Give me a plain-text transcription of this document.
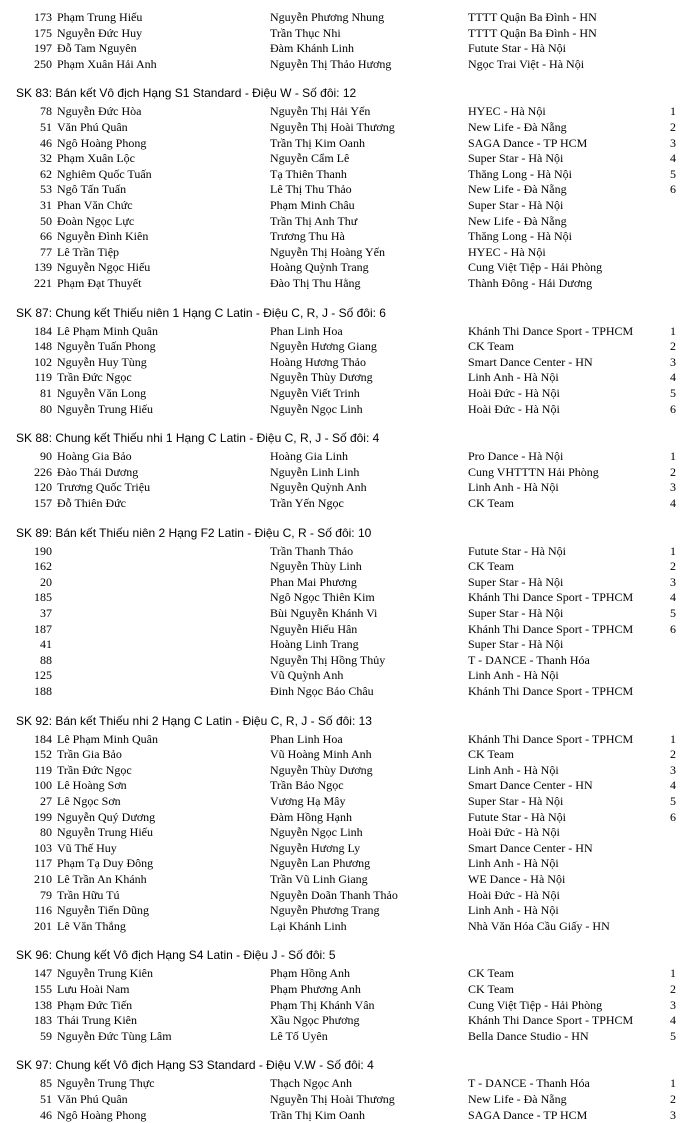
173 Phạm Trung Hiếu	Nguyễn Phương Nhung	TTTT Quận Ba Đình - HN
175 Nguyễn Đức Huy	Trần Thục Nhi	TTTT Quận Ba Đình - HN
197 Đỗ Tam Nguyên	Đàm Khánh Linh	Futute Star - Hà Nội
250 Phạm Xuân Hải Anh	Nguyễn Thị Thảo Hương	Ngọc Trai Việt - Hà Nội
SK 83: Bán kết Vô địch Hạng S1 Standard - Điệu W - Số đôi: 12
78 Nguyễn Đức Hòa	Nguyễn Thị Hải Yến	HYEC - Hà Nội	1
51 Văn Phú Quân	Nguyễn Thị Hoài Thương	New Life - Đà Nẵng	2
46 Ngô Hoàng Phong	Trần Thị Kim Oanh	SAGA Dance - TP HCM	3
32 Phạm Xuân Lộc	Nguyễn Cẩm Lê	Super Star - Hà Nội	4
62 Nghiêm Quốc Tuấn	Tạ Thiên Thanh	Thăng Long - Hà Nội	5
53 Ngô Tấn Tuấn	Lê Thị Thu Thảo	New Life - Đà Nẵng	6
31 Phan Văn Chức	Phạm Minh Châu	Super Star - Hà Nội
50 Đoàn Ngọc Lực	Trần Thị Anh Thư	New Life - Đà Nẵng
66 Nguyễn Đình Kiên	Trương Thu Hà	Thăng Long - Hà Nội
77 Lê Trần Tiệp	Nguyễn Thị Hoàng Yến	HYEC - Hà Nội
139 Nguyễn Ngọc Hiếu	Hoàng Quỳnh Trang	Cung Việt Tiệp - Hải Phòng
221 Phạm Đạt Thuyết	Đào Thị Thu Hằng	Thành Đông - Hải Dương
SK 87: Chung kết Thiếu niên 1 Hạng C Latin - Điệu C, R, J - Số đôi: 6
184 Lê Phạm Minh Quân	Phan Linh Hoa	Khánh Thi Dance Sport - TPHCM	1
148 Nguyễn Tuấn Phong	Nguyễn Hương Giang	CK Team	2
102 Nguyễn Huy Tùng	Hoàng Hương Thảo	Smart Dance Center - HN	3
119 Trần Đức Ngọc	Nguyễn Thùy Dương	Linh Anh - Hà Nội	4
81 Nguyễn Văn Long	Nguyễn Viết Trinh	Hoài Đức - Hà Nội	5
80 Nguyễn Trung Hiếu	Nguyễn Ngọc Linh	Hoài Đức - Hà Nội	6
SK 88: Chung kết Thiếu nhi 1 Hạng C Latin - Điệu C, R, J - Số đôi: 4
90 Hoàng Gia Bảo	Hoàng Gia Linh	Pro Dance - Hà Nội	1
226 Đào Thái Dương	Nguyễn Linh Linh	Cung VHTTTN Hải Phòng	2
120 Trương Quốc Triệu	Nguyễn Quỳnh Anh	Linh Anh - Hà Nội	3
157 Đỗ Thiên Đức	Trần Yến Ngọc	CK Team	4
SK 89: Bán kết Thiếu niên 2 Hạng F2 Latin - Điệu C, R - Số đôi: 10
190	Trần Thanh Thảo	Futute Star - Hà Nội	1
162	Nguyễn Thùy Linh	CK Team	2
20	Phan Mai Phương	Super Star - Hà Nội	3
185	Ngô Ngọc Thiên Kim	Khánh Thi Dance Sport - TPHCM	4
37	Bùi Nguyễn Khánh Vi	Super Star - Hà Nội	5
187	Nguyễn Hiếu Hân	Khánh Thi Dance Sport - TPHCM	6
41	Hoàng Linh Trang	Super Star - Hà Nội
88	Nguyễn Thị Hồng Thủy	T - DANCE - Thanh Hóa
125	Vũ Quỳnh Anh	Linh Anh - Hà Nội
188	Đinh Ngọc Bảo Châu	Khánh Thi Dance Sport - TPHCM
SK 92: Bán kết Thiếu nhi 2 Hạng C Latin - Điệu C, R, J - Số đôi: 13
184 Lê Phạm Minh Quân	Phan Linh Hoa	Khánh Thi Dance Sport - TPHCM	1
152 Trần Gia Bảo	Vũ Hoàng Minh Anh	CK Team	2
119 Trần Đức Ngọc	Nguyễn Thùy Dương	Linh Anh - Hà Nội	3
100 Lê Hoàng Sơn	Trần Bảo Ngọc	Smart Dance Center - HN	4
27 Lê Ngọc Sơn	Vương Hạ Mây	Super Star - Hà Nội	5
199 Nguyễn Quý Dương	Đàm Hồng Hạnh	Futute Star - Hà Nội	6
80 Nguyễn Trung Hiếu	Nguyễn Ngọc Linh	Hoài Đức - Hà Nội
103 Vũ Thế Huy	Nguyễn Hương Ly	Smart Dance Center - HN
117 Phạm Tạ Duy Đông	Nguyễn Lan Phương	Linh Anh - Hà Nội
210 Lê Trần An Khánh	Trần Vũ Linh Giang	WE Dance - Hà Nội
79 Trần Hữu Tú	Nguyễn Doãn Thanh Thảo	Hoài Đức - Hà Nội
116 Nguyễn Tiến Dũng	Nguyễn Phương Trang	Linh Anh - Hà Nội
201 Lê Văn Thắng	Lại Khánh Linh	Nhà Văn Hóa Cầu Giấy - HN
SK 96: Chung kết Vô địch Hạng S4 Latin - Điệu J - Số đôi: 5
147 Nguyễn Trung Kiên	Phạm Hồng Anh	CK Team	1
155 Lưu Hoài Nam	Phạm Phương Anh	CK Team	2
138 Phạm Đức Tiến	Phạm Thị Khánh Vân	Cung Việt Tiệp - Hải Phòng	3
183 Thái Trung Kiên	Xầu Ngọc Phương	Khánh Thi Dance Sport - TPHCM	4
59 Nguyễn Đức Tùng Lâm	Lê Tố Uyên	Bella Dance Studio - HN	5
SK 97: Chung kết Vô địch Hạng S3 Standard - Điệu V.W - Số đôi: 4
85 Nguyễn Trung Thực	Thạch Ngọc Anh	T - DANCE - Thanh Hóa	1
51 Văn Phú Quân	Nguyễn Thị Hoài Thương	New Life - Đà Nẵng	2
46 Ngô Hoàng Phong	Trần Thị Kim Oanh	SAGA Dance - TP HCM	3
